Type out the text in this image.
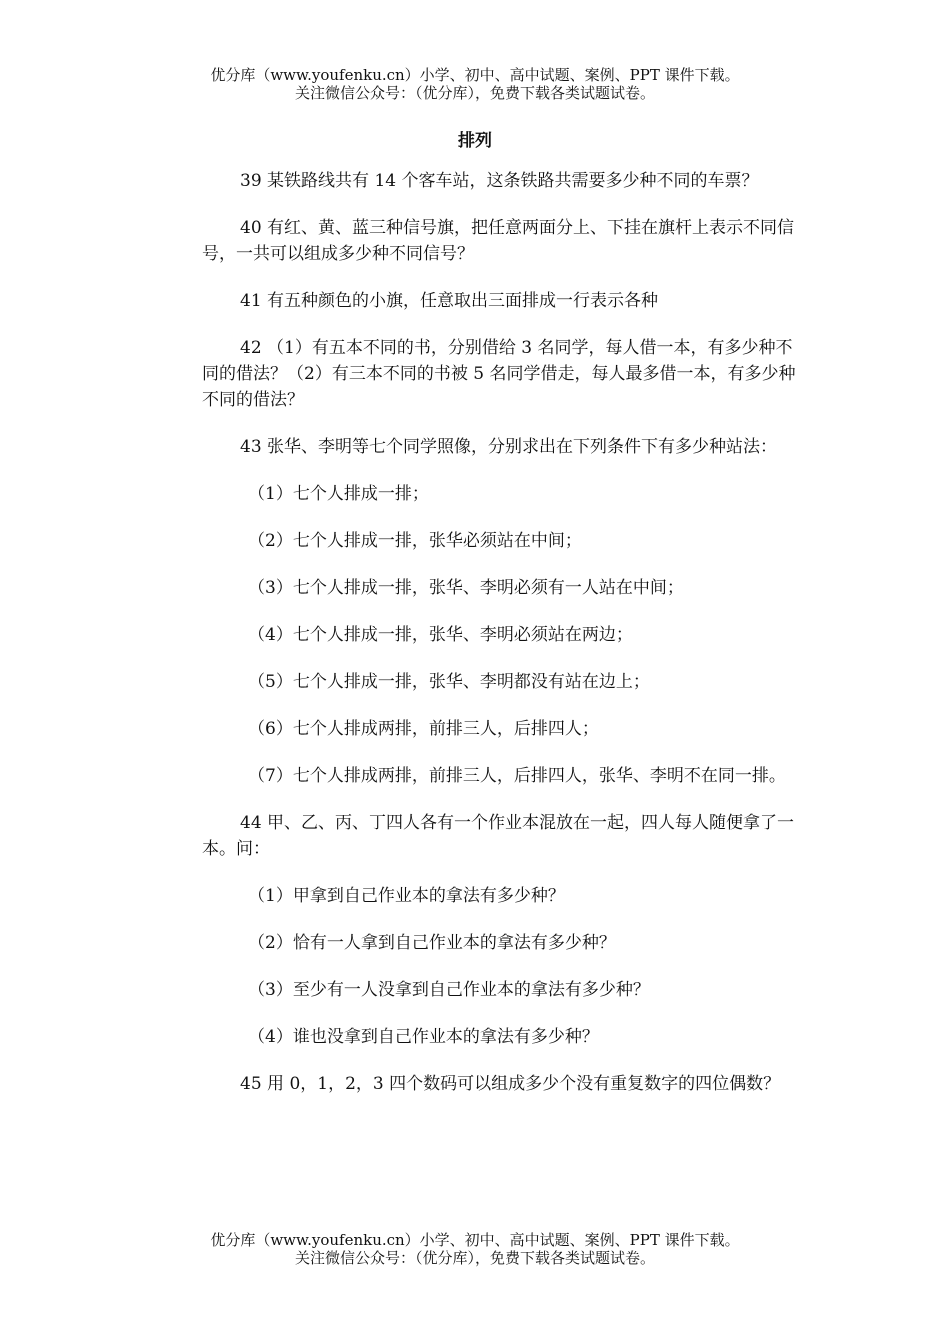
优分库（www.youfenku.cn）小学、初中、高中试题、案例、PPT 课件下载。
关注微信公众号：（优分库），免费下载各类试题试卷。
排列

39 某铁路线共有 14 个客车站，这条铁路共需要多少种不同的车票？

40 有红、黄、蓝三种信号旗，把任意两面分上、下挂在旗杆上表示不同信号，一共可以组成多少种不同信号？

41 有五种颜色的小旗，任意取出三面排成一行表示各种

42 （1）有五本不同的书，分别借给 3 名同学，每人借一本，有多少种不同的借法？（2）有三本不同的书被 5 名同学借走，每人最多借一本，有多少种不同的借法？

43 张华、李明等七个同学照像，分别求出在下列条件下有多少种站法：

（1）七个人排成一排；

（2）七个人排成一排，张华必须站在中间；

（3）七个人排成一排，张华、李明必须有一人站在中间；

（4）七个人排成一排，张华、李明必须站在两边；

（5）七个人排成一排，张华、李明都没有站在边上；

（6）七个人排成两排，前排三人，后排四人；

（7）七个人排成两排，前排三人，后排四人，张华、李明不在同一排。

44 甲、乙、丙、丁四人各有一个作业本混放在一起，四人每人随便拿了一本。问：

（1）甲拿到自己作业本的拿法有多少种？

（2）恰有一人拿到自己作业本的拿法有多少种？

（3）至少有一人没拿到自己作业本的拿法有多少种？

（4）谁也没拿到自己作业本的拿法有多少种？

45 用 0，1，2，3 四个数码可以组成多少个没有重复数字的四位偶数？

优分库（www.youfenku.cn）小学、初中、高中试题、案例、PPT 课件下载。
关注微信公众号：（优分库），免费下载各类试题试卷。
